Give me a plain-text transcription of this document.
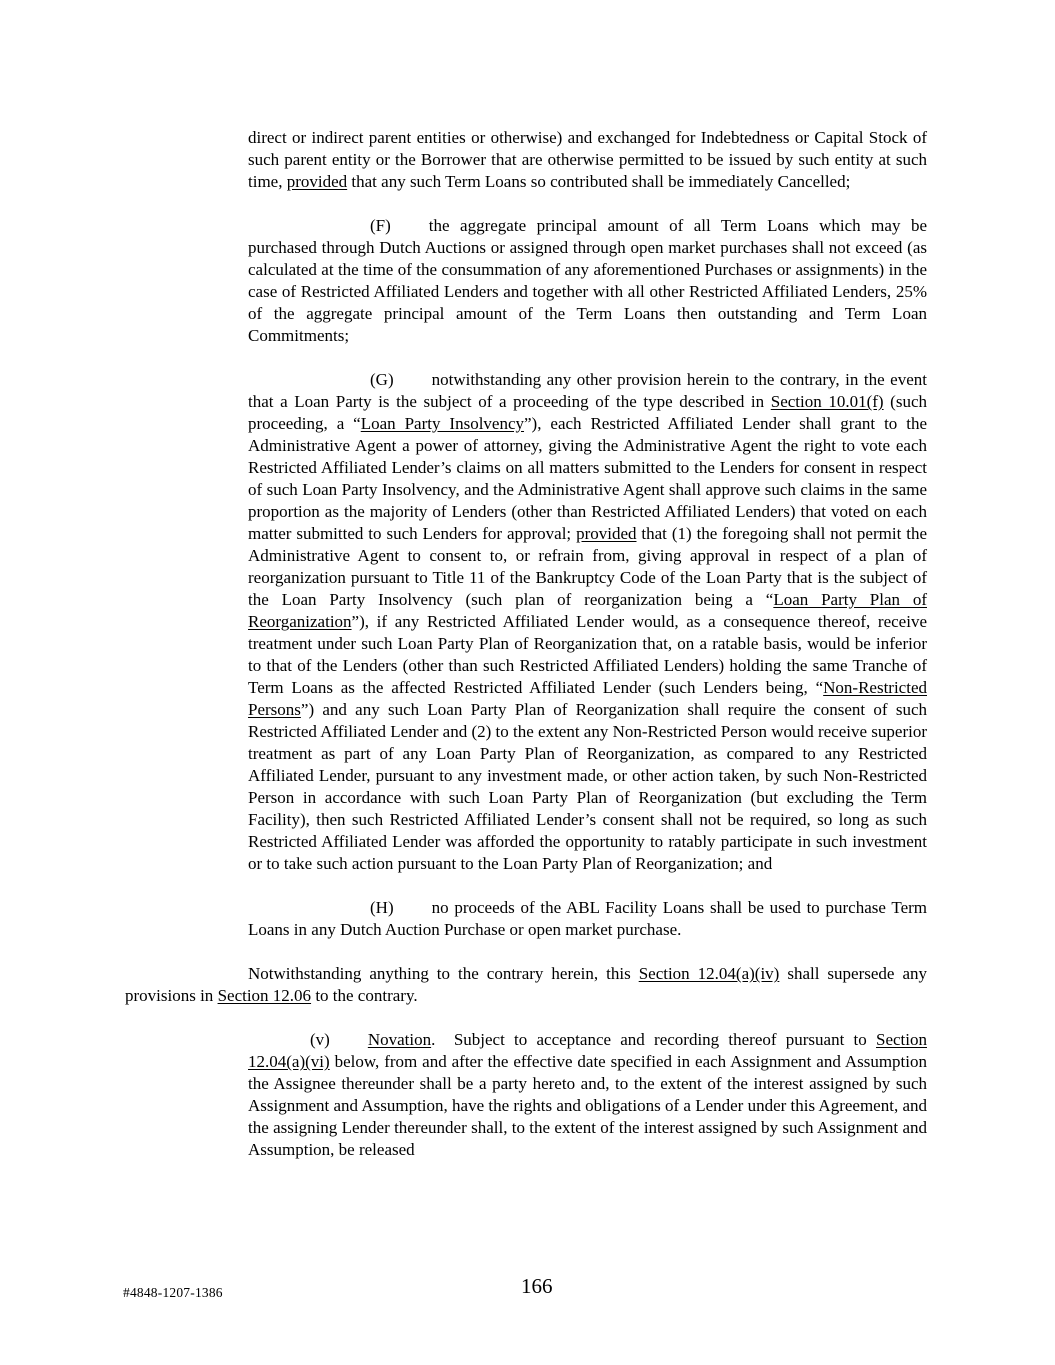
direct or indirect parent entities or otherwise) and exchanged for Indebtedness or Capital Stock of such parent entity or the Borrower that are otherwise permitted to be issued by such entity at such time, provided that any such Term Loans so contributed shall be immediately Cancelled;

(F) the aggregate principal amount of all Term Loans which may be purchased through Dutch Auctions or assigned through open market purchases shall not exceed (as calculated at the time of the consummation of any aforementioned Purchases or assignments) in the case of Restricted Affiliated Lenders and together with all other Restricted Affiliated Lenders, 25% of the aggregate principal amount of the Term Loans then outstanding and Term Loan Commitments;

(G) notwithstanding any other provision herein to the contrary, in the event that a Loan Party is the subject of a proceeding of the type described in Section 10.01(f) (such proceeding, a “Loan Party Insolvency”), each Restricted Affiliated Lender shall grant to the Administrative Agent a power of attorney, giving the Administrative Agent the right to vote each Restricted Affiliated Lender’s claims on all matters submitted to the Lenders for consent in respect of such Loan Party Insolvency, and the Administrative Agent shall approve such claims in the same proportion as the majority of Lenders (other than Restricted Affiliated Lenders) that voted on each matter submitted to such Lenders for approval; provided that (1) the foregoing shall not permit the Administrative Agent to consent to, or refrain from, giving approval in respect of a plan of reorganization pursuant to Title 11 of the Bankruptcy Code of the Loan Party that is the subject of the Loan Party Insolvency (such plan of reorganization being a “Loan Party Plan of Reorganization”), if any Restricted Affiliated Lender would, as a consequence thereof, receive treatment under such Loan Party Plan of Reorganization that, on a ratable basis, would be inferior to that of the Lenders (other than such Restricted Affiliated Lenders) holding the same Tranche of Term Loans as the affected Restricted Affiliated Lender (such Lenders being, “Non-Restricted Persons”) and any such Loan Party Plan of Reorganization shall require the consent of such Restricted Affiliated Lender and (2) to the extent any Non-Restricted Person would receive superior treatment as part of any Loan Party Plan of Reorganization, as compared to any Restricted Affiliated Lender, pursuant to any investment made, or other action taken, by such Non-Restricted Person in accordance with such Loan Party Plan of Reorganization (but excluding the Term Facility), then such Restricted Affiliated Lender’s consent shall not be required, so long as such Restricted Affiliated Lender was afforded the opportunity to ratably participate in such investment or to take such action pursuant to the Loan Party Plan of Reorganization; and

(H) no proceeds of the ABL Facility Loans shall be used to purchase Term Loans in any Dutch Auction Purchase or open market purchase.

Notwithstanding anything to the contrary herein, this Section 12.04(a)(iv) shall supersede any provisions in Section 12.06 to the contrary.

(v) Novation.  Subject to acceptance and recording thereof pursuant to Section 12.04(a)(vi) below, from and after the effective date specified in each Assignment and Assumption the Assignee thereunder shall be a party hereto and, to the extent of the interest assigned by such Assignment and Assumption, have the rights and obligations of a Lender under this Agreement, and the assigning Lender thereunder shall, to the extent of the interest assigned by such Assignment and Assumption, be released

#4848-1207-1386	166
